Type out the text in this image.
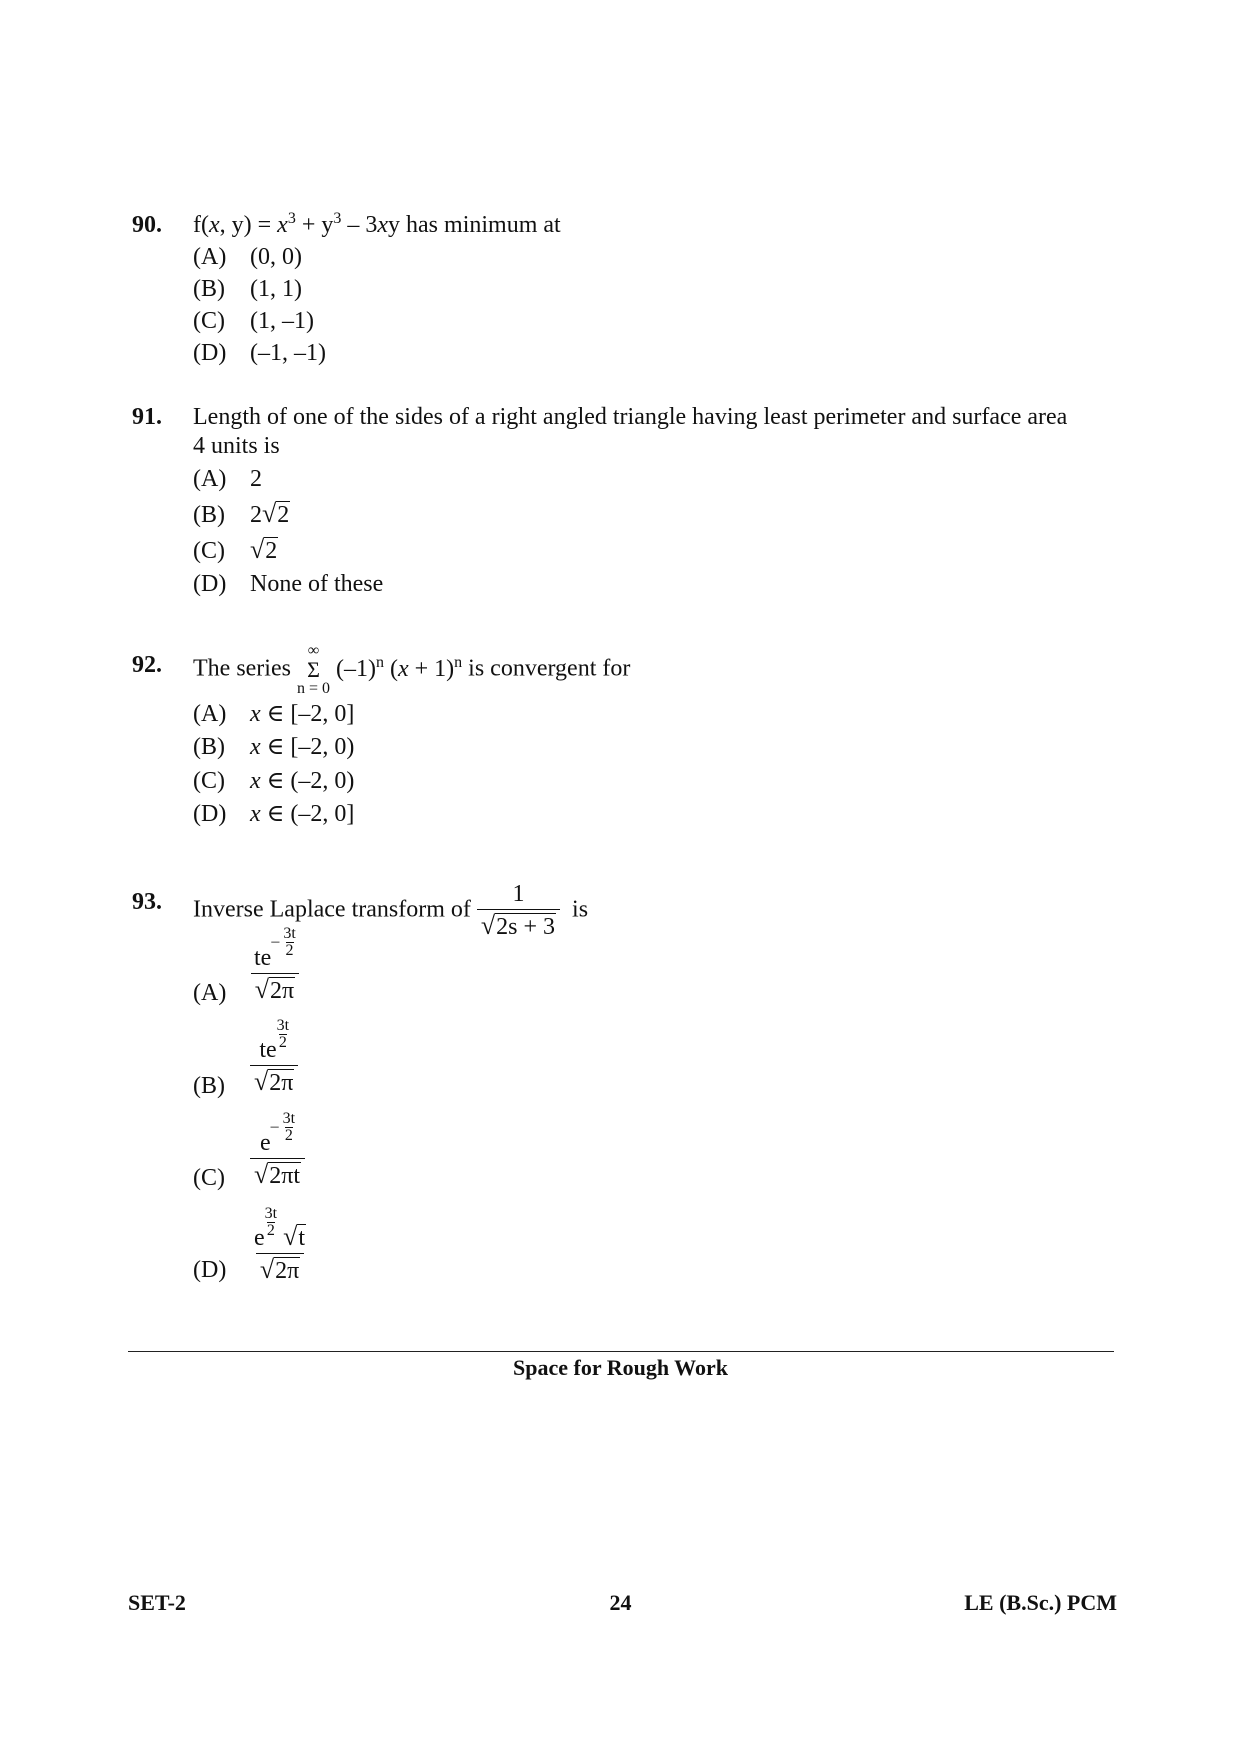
90. f(x, $y) = x^3 + y^3 - 3xy$ has minimum at
(A) (0, 0)
(B) (1, 1)
(C) (1, –1)
(D) (–1, –1)
91. Length of one of the sides of a right angled triangle having least perimeter and surface area
4 units is
(A) 2
(B) 2√2
(C) √2
(D) None of these
92. The series
∞
Σ
n = 0
$(-1)^n$ $(x + 1)^n$ is convergent for
(A) x ∈ [–2, 0]
(B) x ∈ [–2, 0)
(C) x ∈ (–2, 0)
(D) x ∈ (–2, 0]
93. Inverse Laplace transform of $\frac{1}{√2s + 3}$ is
(A) $te^{- \frac{3t}{2}}$
√2π
(B) te $^{\frac{3t}{2}}$
√2π
(C) $e^{- \frac{3t}{2}}$
√2πt
(D) e $^{\frac{3t}{2}}$ √t
√2π
Space for Rough Work
SET-2	24	LE (B.Sc.) PCM
